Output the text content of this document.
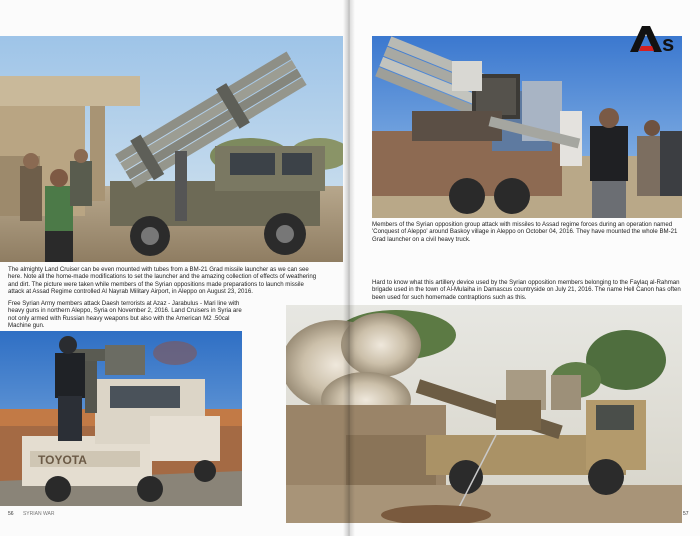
The almighty Land Cruiser can be even mounted with tubes from a BM-21 Grad missile launcher as we can see here. Note all the home-made modifications to set the launcher and the amazing collection of effects of weathering and dirt. The picture were taken while members of the Syrian oppositions made preparations to launch missile attack at Assad Regime controlled Al Nayrab Military Airport, in Aleppo on August 23, 2016.
Free Syrian Army members attack Daesh terrorists at Azaz - Jarabulus - Mari line with heavy guns in northern Aleppo, Syria on November 2, 2016. Land Cruisers in Syria are not only armed with Russian heavy weapons but also with the American M2 .50cal Machine gun.
TOYOTA
56 SYRIAN WAR
Members of the Syrian opposition group attack with missiles to Assad regime forces during an operation named 'Conquest of Aleppo' around Baskoy village in Aleppo on October 04, 2016. They have mounted the whole BM-21 Grad launcher on a civil heavy truck.
Hard to know what this artillery device used by the Syrian opposition members belonging to the Faylaq al-Rahman brigade used in the town of Al-Mulaiha in Damascus countryside on July 21, 2016. The name Hell Canon has often been used for such homemade contraptions such as this.
57
s
